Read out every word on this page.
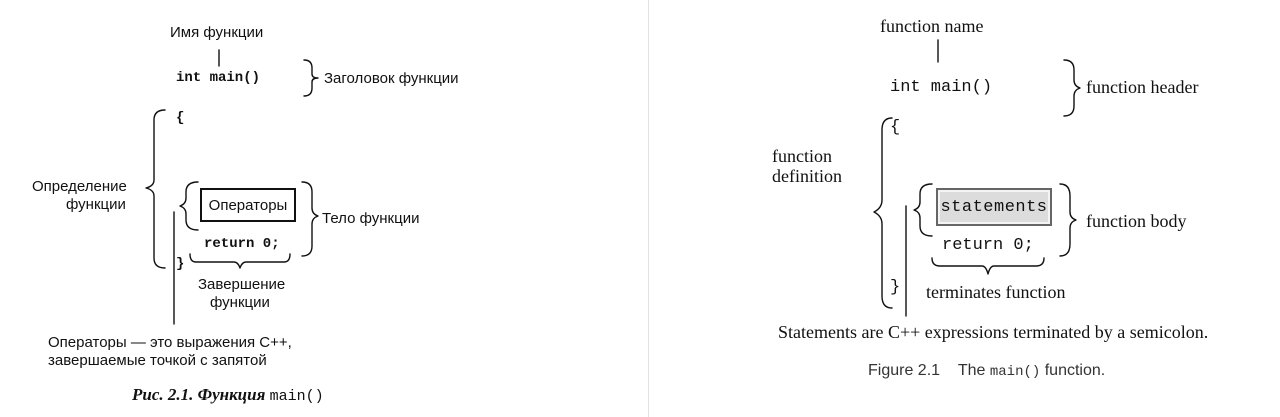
Имя функции
int main()	Заголовок функции
{
Определение
функции	Операторы
Тело функции
return 0;
}
Завершение
функции
Операторы — это выражения С++,
завершаемые точкой с запятой
Рис. 2.1. Функция main()
function name
int main()	function header
{
function
definition
statements
function body
return 0;
} terminates function
Statements are C++ expressions terminated by a semicolon.
Figure 2.1 The main() function.
